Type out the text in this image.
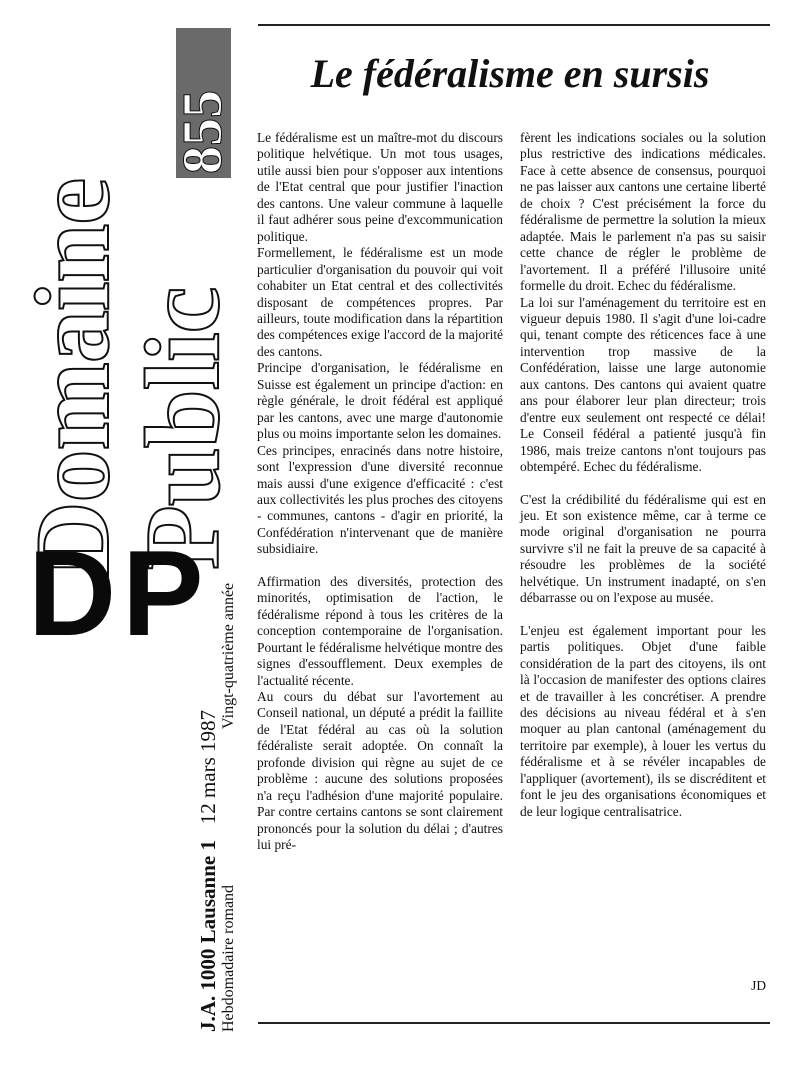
Domaine
Public
855
DP
J.A. 1000 Lausanne 1   12 mars 1987
Hebdomadaire romand                                       Vingt-quatrième année
Le fédéralisme en sursis

Le fédéralisme est un maître-mot du discours politique helvétique. Un mot tous usages, utile aussi bien pour s'opposer aux intentions de l'Etat central que pour justifier l'inaction des cantons. Une valeur commune à laquelle il faut adhérer sous peine d'excommunication politique.

Formellement, le fédéralisme est un mode particulier d'organisation du pouvoir qui voit cohabiter un Etat central et des collectivités disposant de compétences propres. Par ailleurs, toute modification dans la répartition des compétences exige l'accord de la majorité des cantons.

Principe d'organisation, le fédéralisme en Suisse est également un principe d'action: en règle générale, le droit fédéral est appliqué par les cantons, avec une marge d'autonomie plus ou moins importante selon les domaines.

Ces principes, enracinés dans notre histoire, sont l'expression d'une diversité reconnue mais aussi d'une exigence d'efficacité : c'est aux collectivités les plus proches des citoyens - communes, cantons - d'agir en priorité, la Confédération n'intervenant que de manière subsidiaire.

Affirmation des diversités, protection des minorités, optimisation de l'action, le fédéralisme répond à tous les critères de la conception contemporaine de l'organisation. Pourtant le fédéralisme helvétique montre des signes d'essoufflement. Deux exemples de l'actualité récente.

Au cours du débat sur l'avortement au Conseil national, un député a prédit la faillite de l'Etat fédéral au cas où la solution fédéraliste serait adoptée. On connaît la profonde division qui règne au sujet de ce problème : aucune des solutions proposées n'a reçu l'adhésion d'une majorité populaire. Par contre certains cantons se sont clairement prononcés pour la solution du délai ; d'autres lui pré-

fèrent les indications sociales ou la solution plus restrictive des indications médicales. Face à cette absence de consensus, pourquoi ne pas laisser aux cantons une certaine liberté de choix ? C'est précisément la force du fédéralisme de permettre la solution la mieux adaptée. Mais le parlement n'a pas su saisir cette chance de régler le problème de l'avortement. Il a préféré l'illusoire unité formelle du droit. Echec du fédéralisme.

La loi sur l'aménagement du territoire est en vigueur depuis 1980. Il s'agit d'une loi-cadre qui, tenant compte des réticences face à une intervention trop massive de la Confédération, laisse une large autonomie aux cantons. Des cantons qui avaient quatre ans pour élaborer leur plan directeur; trois d'entre eux seulement ont respecté ce délai! Le Conseil fédéral a patienté jusqu'à fin 1986, mais treize cantons n'ont toujours pas obtempéré. Echec du fédéralisme.

C'est la crédibilité du fédéralisme qui est en jeu. Et son existence même, car à terme ce mode original d'organisation ne pourra survivre s'il ne fait la preuve de sa capacité à résoudre les problèmes de la société helvétique. Un instrument inadapté, on s'en débarrasse ou on l'expose au musée.

L'enjeu est également important pour les partis politiques. Objet d'une faible considération de la part des citoyens, ils ont là l'occasion de manifester des options claires et de travailler à les concrétiser. A prendre des décisions au niveau fédéral et à s'en moquer au plan cantonal (aménagement du territoire par exemple), à louer les vertus du fédéralisme et à se révéler incapables de l'appliquer (avortement), ils se discréditent et font le jeu des organisations économiques et de leur logique centralisatrice.

JD
